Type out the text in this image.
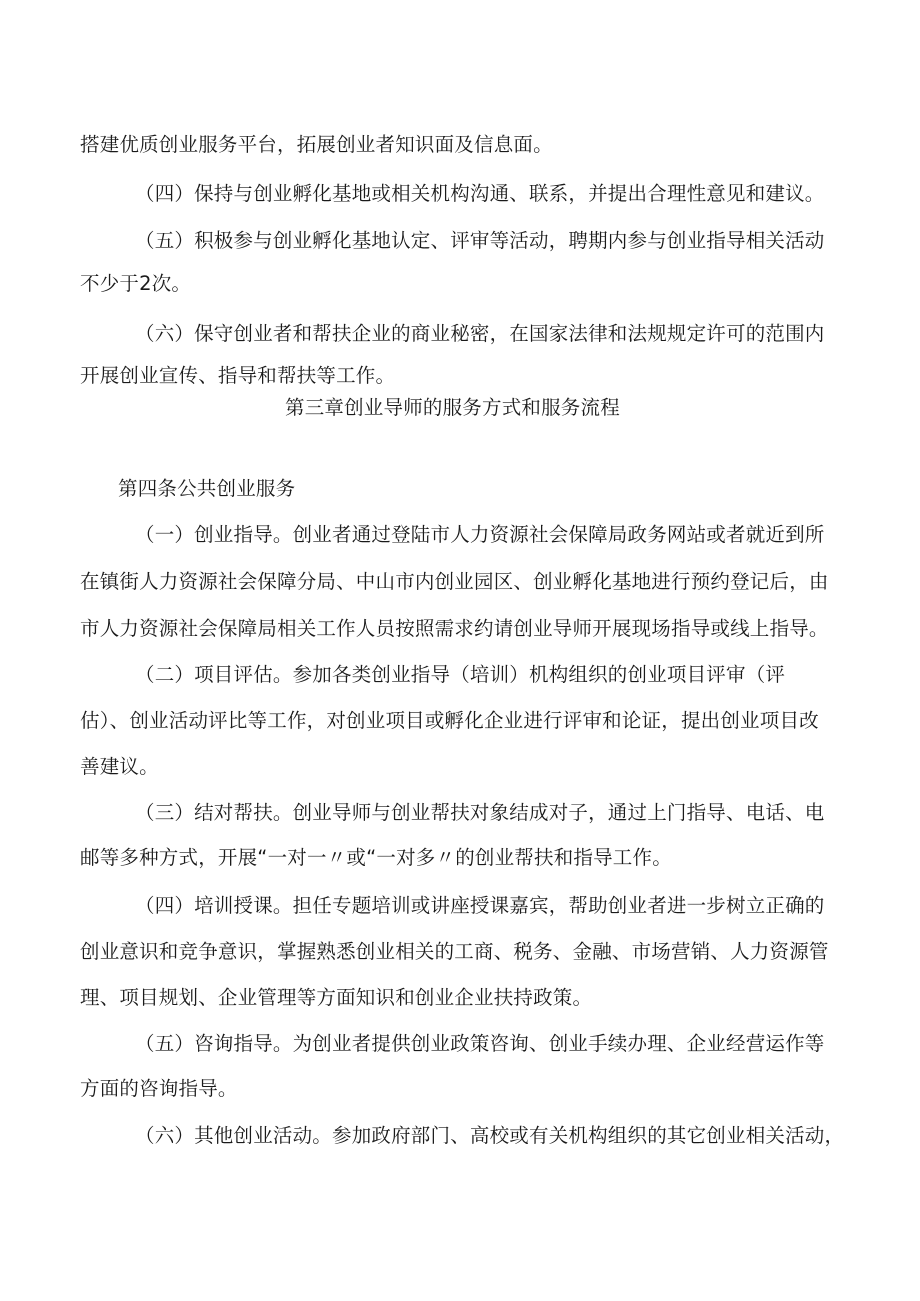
搭建优质创业服务平台，拓展创业者知识面及信息面。
（四）保持与创业孵化基地或相关机构沟通、联系，并提出合理性意见和建议。
（五）积极参与创业孵化基地认定、评审等活动，聘期内参与创业指导相关活动
不少于2次。
（六）保守创业者和帮扶企业的商业秘密，在国家法律和法规规定许可的范围内
开展创业宣传、指导和帮扶等工作。
第三章创业导师的服务方式和服务流程
第四条公共创业服务
（一）创业指导。创业者通过登陆市人力资源社会保障局政务网站或者就近到所
在镇街人力资源社会保障分局、中山市内创业园区、创业孵化基地进行预约登记后，由
市人力资源社会保障局相关工作人员按照需求约请创业导师开展现场指导或线上指导。
（二）项目评估。参加各类创业指导（培训）机构组织的创业项目评审（评
估）、创业活动评比等工作，对创业项目或孵化企业进行评审和论证，提出创业项目改
善建议。
（三）结对帮扶。创业导师与创业帮扶对象结成对子，通过上门指导、电话、电
邮等多种方式，开展“一对一〃或“一对多〃的创业帮扶和指导工作。
（四）培训授课。担任专题培训或讲座授课嘉宾，帮助创业者进一步树立正确的
创业意识和竞争意识，掌握熟悉创业相关的工商、税务、金融、市场营销、人力资源管
理、项目规划、企业管理等方面知识和创业企业扶持政策。
（五）咨询指导。为创业者提供创业政策咨询、创业手续办理、企业经营运作等
方面的咨询指导。
（六）其他创业活动。参加政府部门、高校或有关机构组织的其它创业相关活动，
